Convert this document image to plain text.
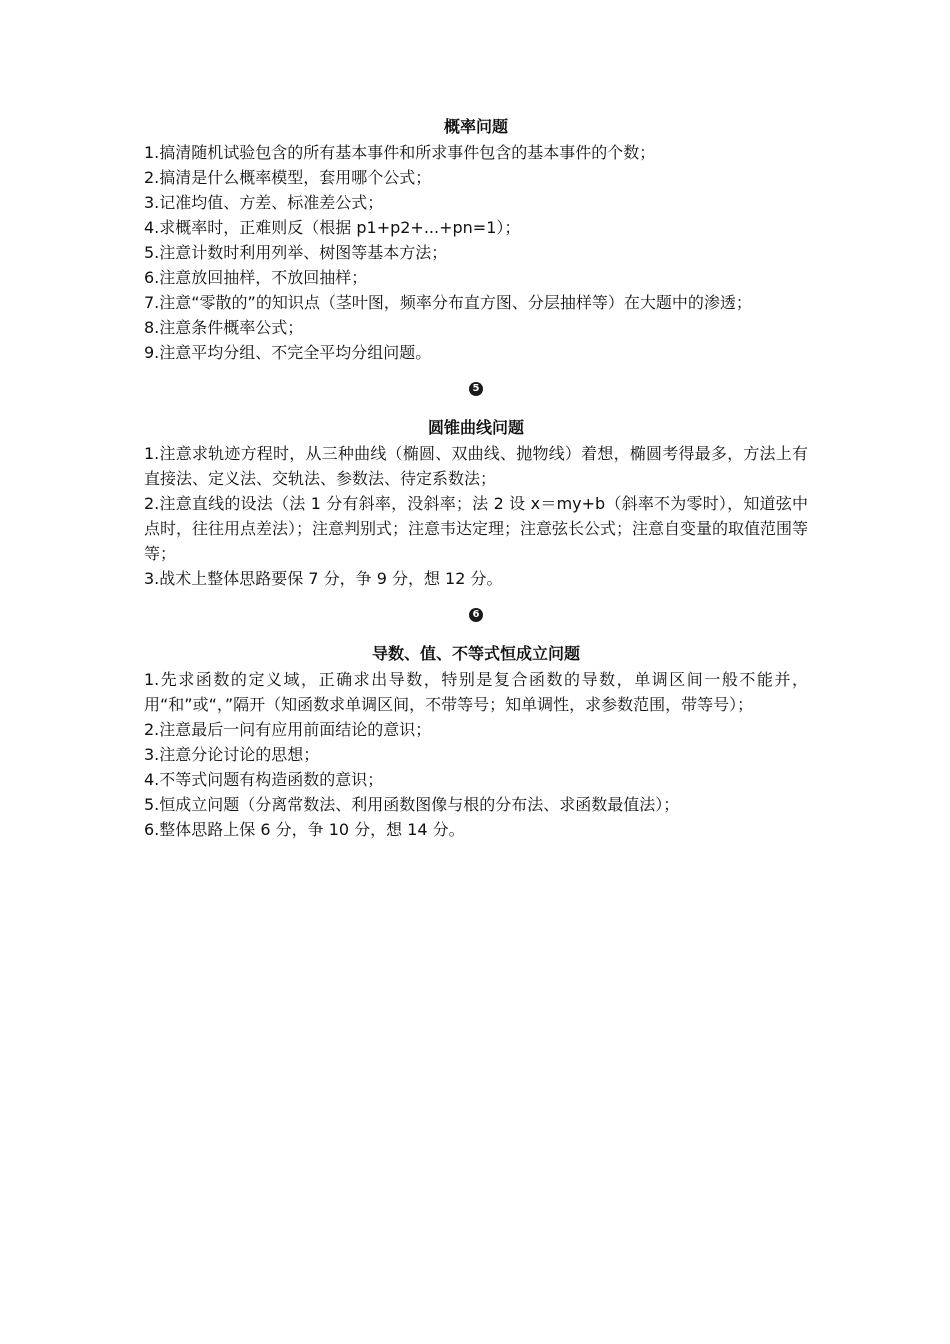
概率问题

1.搞清随机试验包含的所有基本事件和所求事件包含的基本事件的个数；

2.搞清是什么概率模型，套用哪个公式；

3.记准均值、方差、标准差公式；

4.求概率时，正难则反（根据 p1+p2+...+pn=1）；

5.注意计数时利用列举、树图等基本方法；

6.注意放回抽样，不放回抽样；

7.注意“零散的”的知识点（茎叶图，频率分布直方图、分层抽样等）在大题中的渗透；

8.注意条件概率公式；

9.注意平均分组、不完全平均分组问题。

5
圆锥曲线问题

1.注意求轨迹方程时，从三种曲线（椭圆、双曲线、抛物线）着想，椭圆考得最多，方法上有直接法、定义法、交轨法、参数法、待定系数法；

2.注意直线的设法（法 1 分有斜率，没斜率；法 2 设 x＝my+b（斜率不为零时），知道弦中点时，往往用点差法）；注意判别式；注意韦达定理；注意弦长公式；注意自变量的取值范围等等；

3.战术上整体思路要保 7 分，争 9 分，想 12 分。

6
导数、值、不等式恒成立问题

1.先求函数的定义域，正确求出导数，特别是复合函数的导数，单调区间一般不能并，用“和”或“，”隔开（知函数求单调区间，不带等号；知单调性，求参数范围，带等号）；

2.注意最后一问有应用前面结论的意识；

3.注意分论讨论的思想；

4.不等式问题有构造函数的意识；

5.恒成立问题（分离常数法、利用函数图像与根的分布法、求函数最值法）；

6.整体思路上保 6 分，争 10 分，想 14 分。
